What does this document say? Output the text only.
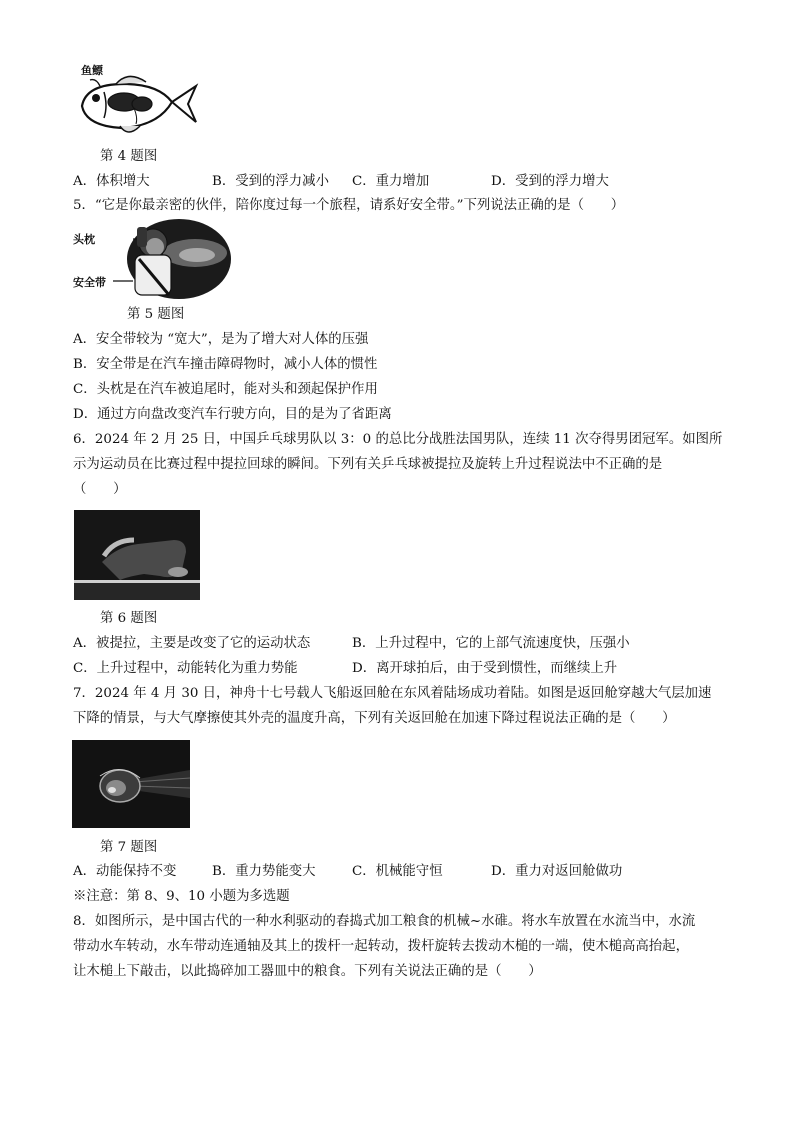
鱼鳔
第 4 题图
A．体积增大	B．受到的浮力减小 C．重力增加	D．受到的浮力增大
5．“它是你最亲密的伙伴，陪你度过每一个旅程，请系好安全带。”下列说法正确的是（　　）
头枕
安全带
第 5 题图
A．安全带较为 “宽大”，是为了增大对人体的压强
B．安全带是在汽车撞击障碍物时，减小人体的惯性
C．头枕是在汽车被追尾时，能对头和颈起保护作用
D．通过方向盘改变汽车行驶方向，目的是为了省距离
6．2024 年 2 月 25 日，中国乒乓球男队以 3：0 的总比分战胜法国男队，连续 11 次夺得男团冠军。如图所
示为运动员在比赛过程中提拉回球的瞬间。下列有关乒乓球被提拉及旋转上升过程说法中不正确的是
（　　）
第 6 题图
A．被提拉，主要是改变了它的运动状态	B．上升过程中，它的上部气流速度快，压强小
C．上升过程中，动能转化为重力势能	D．离开球拍后，由于受到惯性，而继续上升
7．2024 年 4 月 30 日，神舟十七号载人飞船返回舱在东风着陆场成功着陆。如图是返回舱穿越大气层加速
下降的情景，与大气摩擦使其外壳的温度升高，下列有关返回舱在加速下降过程说法正确的是（　　）
第 7 题图
A．动能保持不变	B．重力势能变大	C．机械能守恒	D．重力对返回舱做功
※注意：第 8、9、10 小题为多选题
8．如图所示，是中国古代的一种水利驱动的舂捣式加工粮食的机械~水碓。将水车放置在水流当中，水流
带动水车转动，水车带动连通轴及其上的拨杆一起转动，拨杆旋转去拨动木槌的一端，使木槌高高抬起，
让木槌上下敲击，以此捣碎加工器皿中的粮食。下列有关说法正确的是（　　）
